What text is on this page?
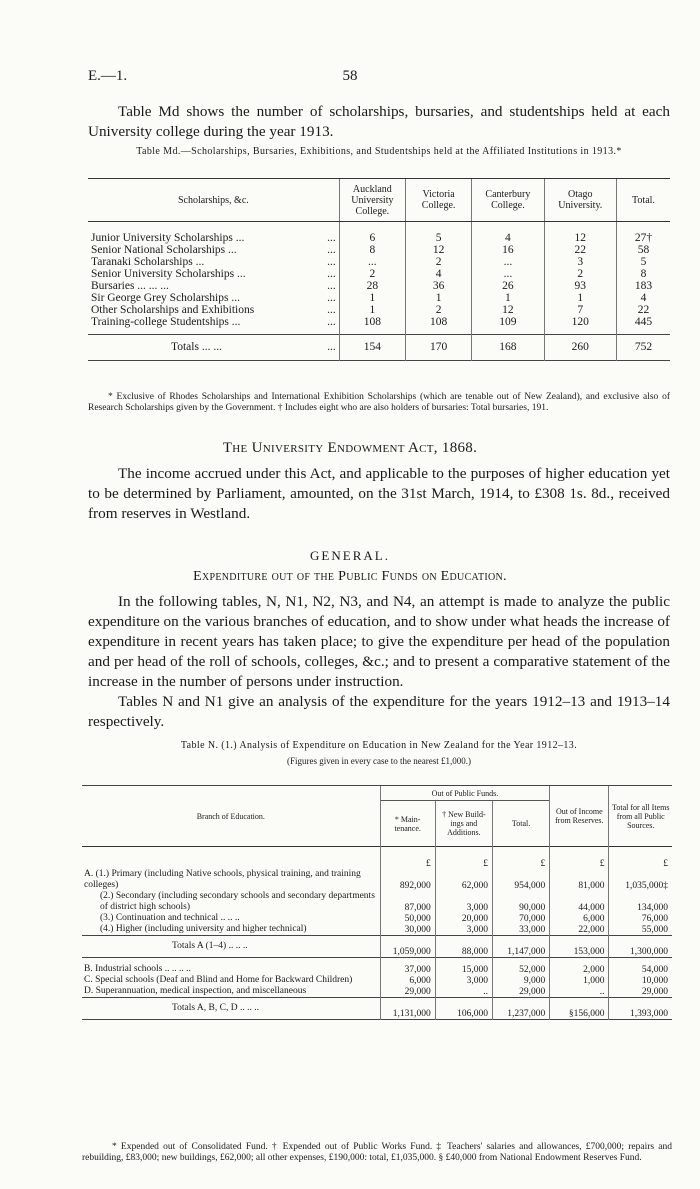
E.—1.	58
Table Md shows the number of scholarships, bursaries, and studentships held at each University college during the year 1913.
Table Md.—Scholarships, Bursaries, Exhibitions, and Studentships held at the Affiliated Institutions in 1913.*
Scholarships, &c.	Auckland University College.	Victoria College.	Canterbury College.	Otago University.	Total.

Junior University Scholarships ... ...	6	5	4	12	27†
Senior National Scholarships ... ...	8	12	16	22	58
Taranaki Scholarships ... ...	...	2	...	3	5
Senior University Scholarships ... ...	2	4	...	2	8
Bursaries ... ... ... ...	28	36	26	93	183
Sir George Grey Scholarships ... ...	1	1	1	1	4
Other Scholarships and Exhibitions ...	1	2	12	7	22
Training-college Studentships ... ...	108	108	109	120	445

Totals ... ... ...	154	170	168	260	752
* Exclusive of Rhodes Scholarships and International Exhibition Scholarships (which are tenable out of New Zealand), and exclusive also of Research Scholarships given by the Government. † Includes eight who are also holders of bursaries: Total bursaries, 191.
The University Endowment Act, 1868.
The income accrued under this Act, and applicable to the purposes of higher education yet to be determined by Parliament, amounted, on the 31st March, 1914, to £308 1s. 8d., received from reserves in Westland.
GENERAL.
Expenditure out of the Public Funds on Education.
In the following tables, N, N1, N2, N3, and N4, an attempt is made to analyze the public expenditure on the various branches of education, and to show under what heads the increase of expenditure in recent years has taken place; to give the expenditure per head of the population and per head of the roll of schools, colleges, &c.; and to present a comparative statement of the increase in the number of persons under instruction.
Tables N and N1 give an analysis of the expenditure for the years 1912–13 and 1913–14 respectively.
Table N. (1.) Analysis of Expenditure on Education in New Zealand for the Year 1912–13.
(Figures given in every case to the nearest £1,000.)
Branch of Education.	Out of Public Funds.			Out of Income from Reserves.	Total for all Items from all Public Sources.
	* Main-tenance.	† New Build-ings and Additions.	Total.		
	£	£	£	£	£
A. (1.) Primary (including Native schools, physical training, and training colleges)	892,000	62,000	954,000	81,000	1,035,000‡
(2.) Secondary (including secondary schools and secondary departments of district high schools)	87,000	3,000	90,000	44,000	134,000
(3.) Continuation and technical .. .. ..	50,000	20,000	70,000	6,000	76,000
(4.) Higher (including university and higher technical)	30,000	3,000	33,000	22,000	55,000
Totals A (1–4) .. .. ..	1,059,000	88,000	1,147,000	153,000	1,300,000

B. Industrial schools .. .. .. ..	37,000	15,000	52,000	2,000	54,000
C. Special schools (Deaf and Blind and Home for Backward Children)	6,000	3,000	9,000	1,000	10,000
D. Superannuation, medical inspection, and miscellaneous	29,000	..	29,000	..	29,000
Totals A, B, C, D .. .. ..	1,131,000	106,000	1,237,000	§156,000	1,393,000
* Expended out of Consolidated Fund. † Expended out of Public Works Fund. ‡ Teachers' salaries and allowances, £700,000; repairs and rebuilding, £83,000; new buildings, £62,000; all other expenses, £190,000: total, £1,035,000. § £40,000 from National Endowment Reserves Fund.
